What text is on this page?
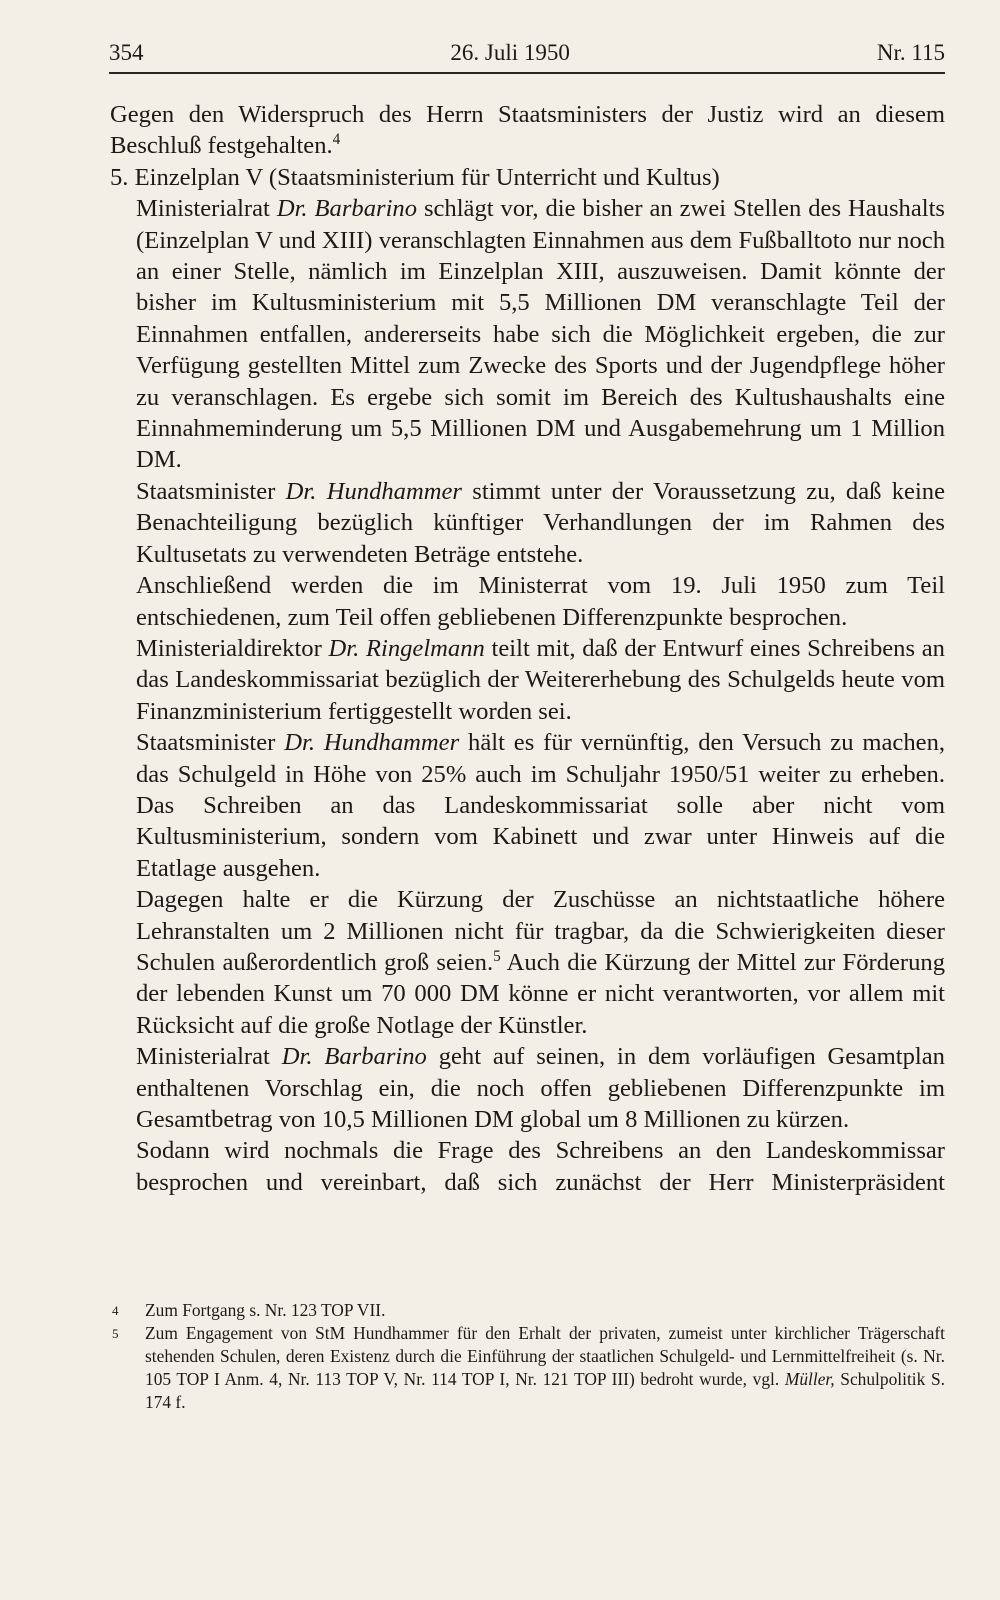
354	26. Juli 1950	Nr. 115

Gegen den Widerspruch des Herrn Staatsministers der Justiz wird an diesem Beschluß festgehalten.$^4$

5. Einzelplan V (Staatsministerium für Unterricht und Kultus)

Ministerialrat Dr. Barbarino schlägt vor, die bisher an zwei Stellen des Haushalts (Einzelplan V und XIII) veranschlagten Einnahmen aus dem Fußballtoto nur noch an einer Stelle, nämlich im Einzelplan XIII, auszuweisen. Damit könnte der bisher im Kultusministerium mit 5,5 Millionen DM veranschlagte Teil der Einnahmen entfallen, andererseits habe sich die Möglichkeit ergeben, die zur Verfügung gestellten Mittel zum Zwecke des Sports und der Jugendpflege höher zu veranschlagen. Es ergebe sich somit im Bereich des Kultushaushalts eine Einnahmeminderung um 5,5 Millionen DM und Ausgabemehrung um 1 Million DM.

Staatsminister Dr. Hundhammer stimmt unter der Voraussetzung zu, daß keine Benachteiligung bezüglich künftiger Verhandlungen der im Rahmen des Kultusetats zu verwendeten Beträge entstehe.

Anschließend werden die im Ministerrat vom 19. Juli 1950 zum Teil entschiedenen, zum Teil offen gebliebenen Differenzpunkte besprochen.

Ministerialdirektor Dr. Ringelmann teilt mit, daß der Entwurf eines Schreibens an das Landeskommissariat bezüglich der Weitererhebung des Schulgelds heute vom Finanzministerium fertiggestellt worden sei.

Staatsminister Dr. Hundhammer hält es für vernünftig, den Versuch zu machen, das Schulgeld in Höhe von 25% auch im Schuljahr 1950/51 weiter zu erheben. Das Schreiben an das Landeskommissariat solle aber nicht vom Kultusministerium, sondern vom Kabinett und zwar unter Hinweis auf die Etatlage ausgehen.

Dagegen halte er die Kürzung der Zuschüsse an nichtstaatliche höhere Lehranstalten um 2 Millionen nicht für tragbar, da die Schwierigkeiten dieser Schulen außerordentlich groß seien.$^5$ Auch die Kürzung der Mittel zur Förderung der lebenden Kunst um 70 000 DM könne er nicht verantworten, vor allem mit Rücksicht auf die große Notlage der Künstler.

Ministerialrat Dr. Barbarino geht auf seinen, in dem vorläufigen Gesamtplan enthaltenen Vorschlag ein, die noch offen gebliebenen Differenzpunkte im Gesamtbetrag von 10,5 Millionen DM global um 8 Millionen zu kürzen.

Sodann wird nochmals die Frage des Schreibens an den Landeskommissar besprochen und vereinbart, daß sich zunächst der Herr Ministerpräsident

4	Zum Fortgang s. Nr. 123 TOP VII.
5	Zum Engagement von StM Hundhammer für den Erhalt der privaten, zumeist unter kirchlicher Trägerschaft stehenden Schulen, deren Existenz durch die Einführung der staatlichen Schulgeld- und Lernmittelfreiheit (s. Nr. 105 TOP I Anm. 4, Nr. 113 TOP V, Nr. 114 TOP I, Nr. 121 TOP III) bedroht wurde, vgl. Müller, Schulpolitik S. 174 f.
